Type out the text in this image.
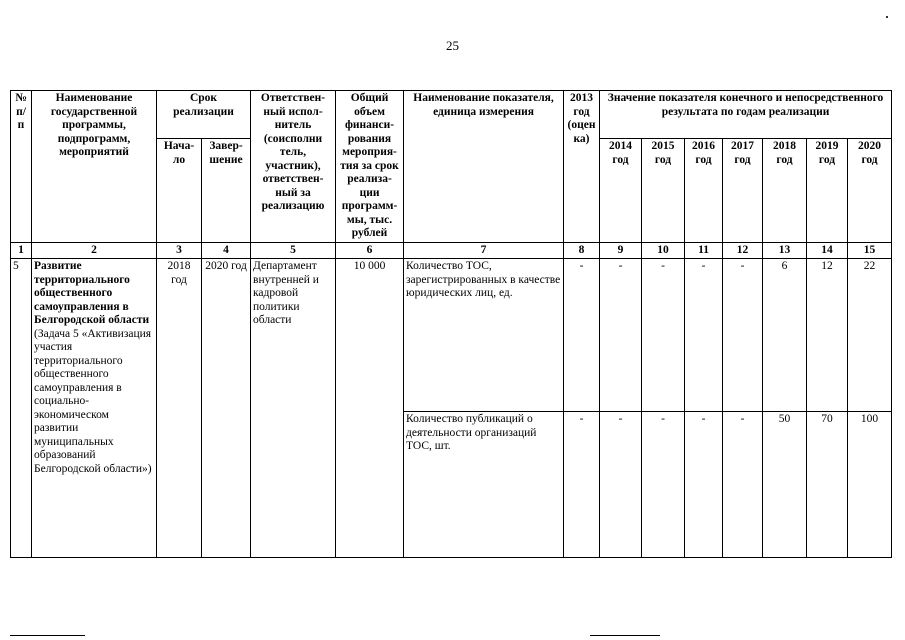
25
№ п/п	Наименование государственной программы, подпрограмм, мероприятий	Срок реализации		Ответствен-ный испол-нитель (соисполни тель, участник), ответствен-ный за реализацию	Общий объем финанси-рования мероприя-тия за срок реализа-ции программ-мы, тыс. рублей	Наименование показателя, единица измерения	2013 год (оцен ка)	Значение показателя конечного и непосредственного результата по годам реализации						
		Нача-ло	Завер-шение					2014 год	2015 год	2016 год	2017 год	2018 год	2019 год	2020 год

1	2	3	4	5	6	7	8	9	10	11	12	13	14	15
5	Развитие территориального общественного самоуправления в Белгородской области (Задача 5 «Активизация участия территориального общественного самоуправления в социально-экономическом развитии муниципальных образований Белгородской области»)	2018 год	2020 год	Департамент внутренней и кадровой политики области	10 000	Количество ТОС, зарегистрированных в качестве юридических лиц, ед.	-	-	-	-	-	6	12	22
						Количество публикаций о деятельности организаций ТОС, шт.	-	-	-	-	-	50	70	100
